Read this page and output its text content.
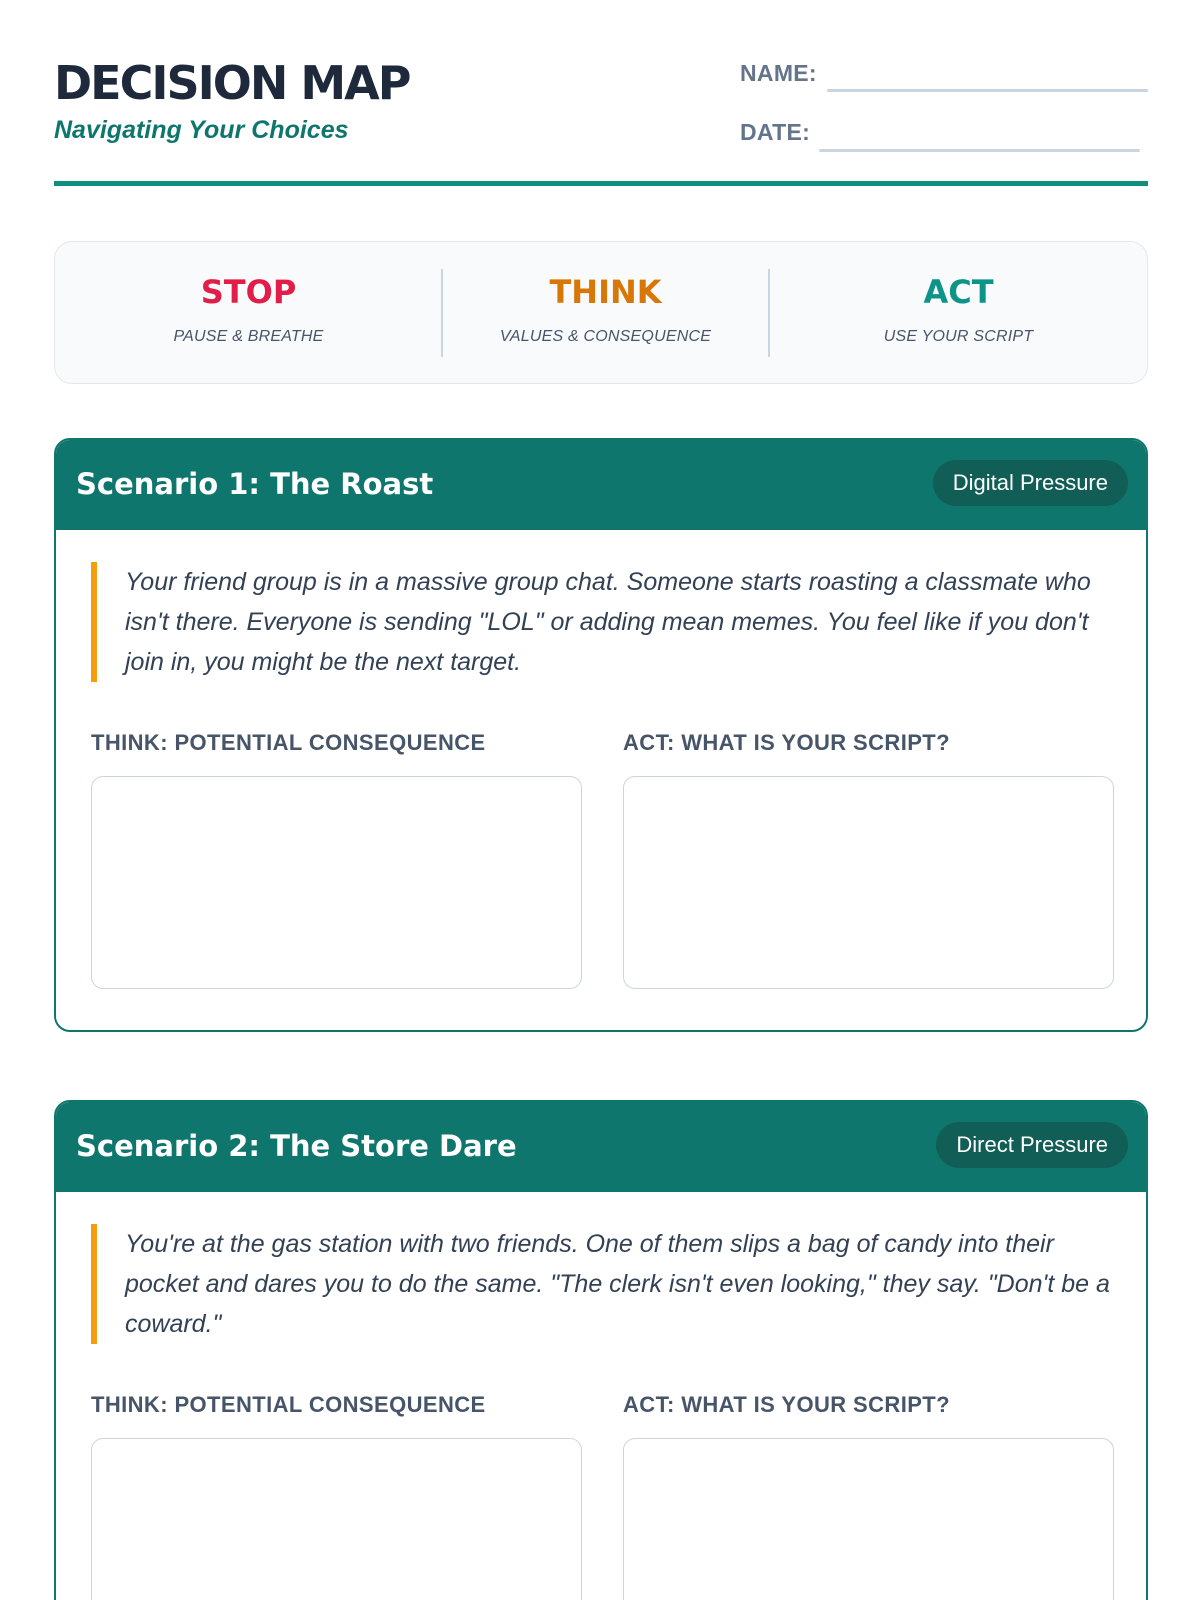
DECISION MAP
Navigating Your Choices
NAME:
DATE:
STOP
PAUSE & BREATHE
THINK
VALUES & CONSEQUENCE
ACT
USE YOUR SCRIPT
Scenario 1: The Roast	Digital Pressure
Your friend group is in a massive group chat. Someone starts roasting a classmate who isn't there. Everyone is sending "LOL" or adding mean memes. You feel like if you don't join in, you might be the next target.
THINK: POTENTIAL CONSEQUENCE	ACT: WHAT IS YOUR SCRIPT?
Scenario 2: The Store Dare	Direct Pressure
You're at the gas station with two friends. One of them slips a bag of candy into their pocket and dares you to do the same. "The clerk isn't even looking," they say. "Don't be a coward."
THINK: POTENTIAL CONSEQUENCE	ACT: WHAT IS YOUR SCRIPT?
